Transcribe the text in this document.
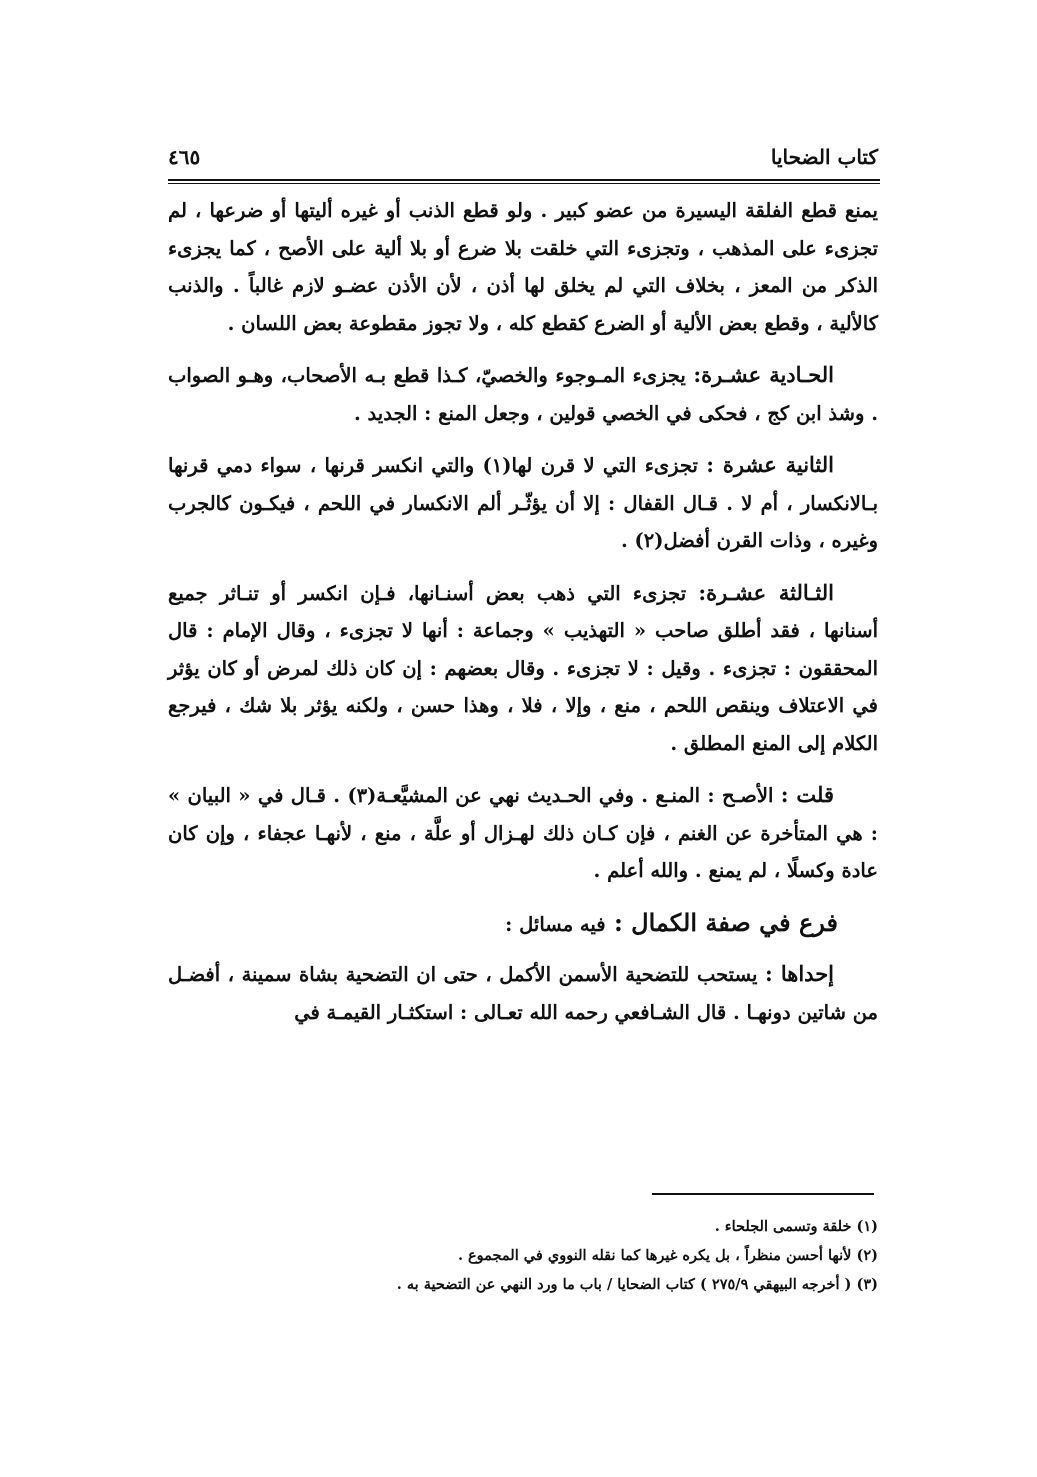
كتاب الضحايا
٤٦٥

يمنع قطع الفلقة اليسيرة من عضو كبير . ولو قطع الذنب أو غيره أليتها أو ضرعها ، لم تجزىء على المذهب ، وتجزىء التي خلقت بلا ضرع أو بلا ألية على الأصح ، كما يجزىء الذكر من المعز ، بخلاف التي لم يخلق لها أذن ، لأن الأذن عضـو لازم غالباً . والذنب كالألية ، وقطع بعض الألية أو الضرع كقطع كله ، ولا تجوز مقطوعة بعض اللسان .

الحـادية عشـرة: يجزىء المـوجوء والخصيّ، كـذا قطع بـه الأصحاب، وهـو الصواب . وشذ ابن كج ، فحكى في الخصي قولين ، وجعل المنع : الجديد .

الثانية عشرة : تجزىء التي لا قرن لها(١) والتي انكسر قرنها ، سواء دمي قرنها بـالانكسار ، أم لا . قـال القفال : إلا أن يؤثّـر ألم الانكسار في اللحم ، فيكـون كالجرب وغيره ، وذات القرن أفضل(٢) .

الثـالثة عشـرة: تجزىء التي ذهب بعض أسنـانها، فـإن انكسر أو تنـاثر جميع أسنانها ، فقد أطلق صاحب « التهذيب » وجماعة : أنها لا تجزىء ، وقال الإمام : قال المحققون : تجزىء . وقيل : لا تجزىء . وقال بعضهم : إن كان ذلك لمرض أو كان يؤثر في الاعتلاف وينقص اللحم ، منع ، وإلا ، فلا ، وهذا حسن ، ولكنه يؤثر بلا شك ، فيرجع الكلام إلى المنع المطلق .

قلت : الأصـح : المنـع . وفي الحـديث نهي عن المشيَّعـة(٣) . قـال في « البيان » : هي المتأخرة عن الغنم ، فإن كـان ذلك لهـزال أو علَّة ، منع ، لأنهـا عجفاء ، وإن كان عادة وكسلًا ، لم يمنع . والله أعلم .

فرع في صفة الكمال : فيه مسائل :

إحداها : يستحب للتضحية الأسمن الأكمل ، حتى ان التضحية بشاة سمينة ، أفضـل من شاتين دونهـا . قال الشـافعي رحمه الله تعـالى : استكثـار القيمـة في

(١) خلقة وتسمى الجلحاء .

(٢) لأنها أحسن منظراً ، بل يكره غيرها كما نقله النووي في المجموع .

(٣) ( أخرجه البيهقي ٢٧٥/٩ ) كتاب الضحايا / باب ما ورد النهي عن التضحية به .
